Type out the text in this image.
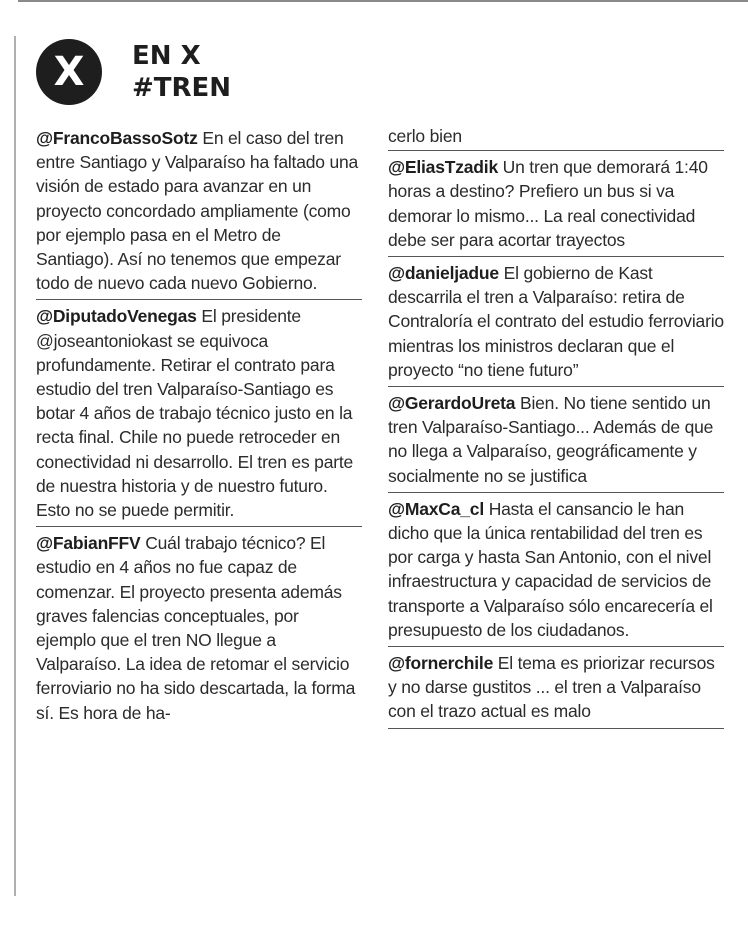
X EN X
#TREN
@FrancoBassoSotz En el caso del tren entre Santiago y Valparaíso ha faltado una visión de estado para avanzar en un proyecto concordado ampliamente (como por ejemplo pasa en el Metro de Santiago). Así no tenemos que empezar todo de nuevo cada nuevo Gobierno.
@DiputadoVenegas El presidente @joseantoniokast se equivoca profundamente. Retirar el contrato para estudio del tren Valparaíso-Santiago es botar 4 años de trabajo técnico justo en la recta final. Chile no puede retroceder en conectividad ni desarrollo. El tren es parte de nuestra historia y de nuestro futuro. Esto no se puede permitir.
@FabianFFV Cuál trabajo técnico? El estudio en 4 años no fue capaz de comenzar. El proyecto presenta además graves falencias conceptuales, por ejemplo que el tren NO llegue a Valparaíso. La idea de retomar el servicio ferroviario no ha sido descartada, la forma sí. Es hora de ha-
cerlo bien
@EliasTzadik Un tren que demorará 1:40 horas a destino? Prefiero un bus si va demorar lo mismo... La real conectividad debe ser para acortar trayectos
@danieljadue El gobierno de Kast descarrila el tren a Valparaíso: retira de Contraloría el contrato del estudio ferroviario mientras los ministros declaran que el proyecto “no tiene futuro”
@GerardoUreta Bien. No tiene sentido un tren Valparaíso-Santiago... Además de que no llega a Valparaíso, geográficamente y socialmente no se justifica
@MaxCa_cl Hasta el cansancio le han dicho que la única rentabilidad del tren es por carga y hasta San Antonio, con el nivel infraestructura y capacidad de servicios de transporte a Valparaíso sólo encarecería el presupuesto de los ciudadanos.
@fornerchile El tema es priorizar recursos y no darse gustitos ... el tren a Valparaíso con el trazo actual es malo
